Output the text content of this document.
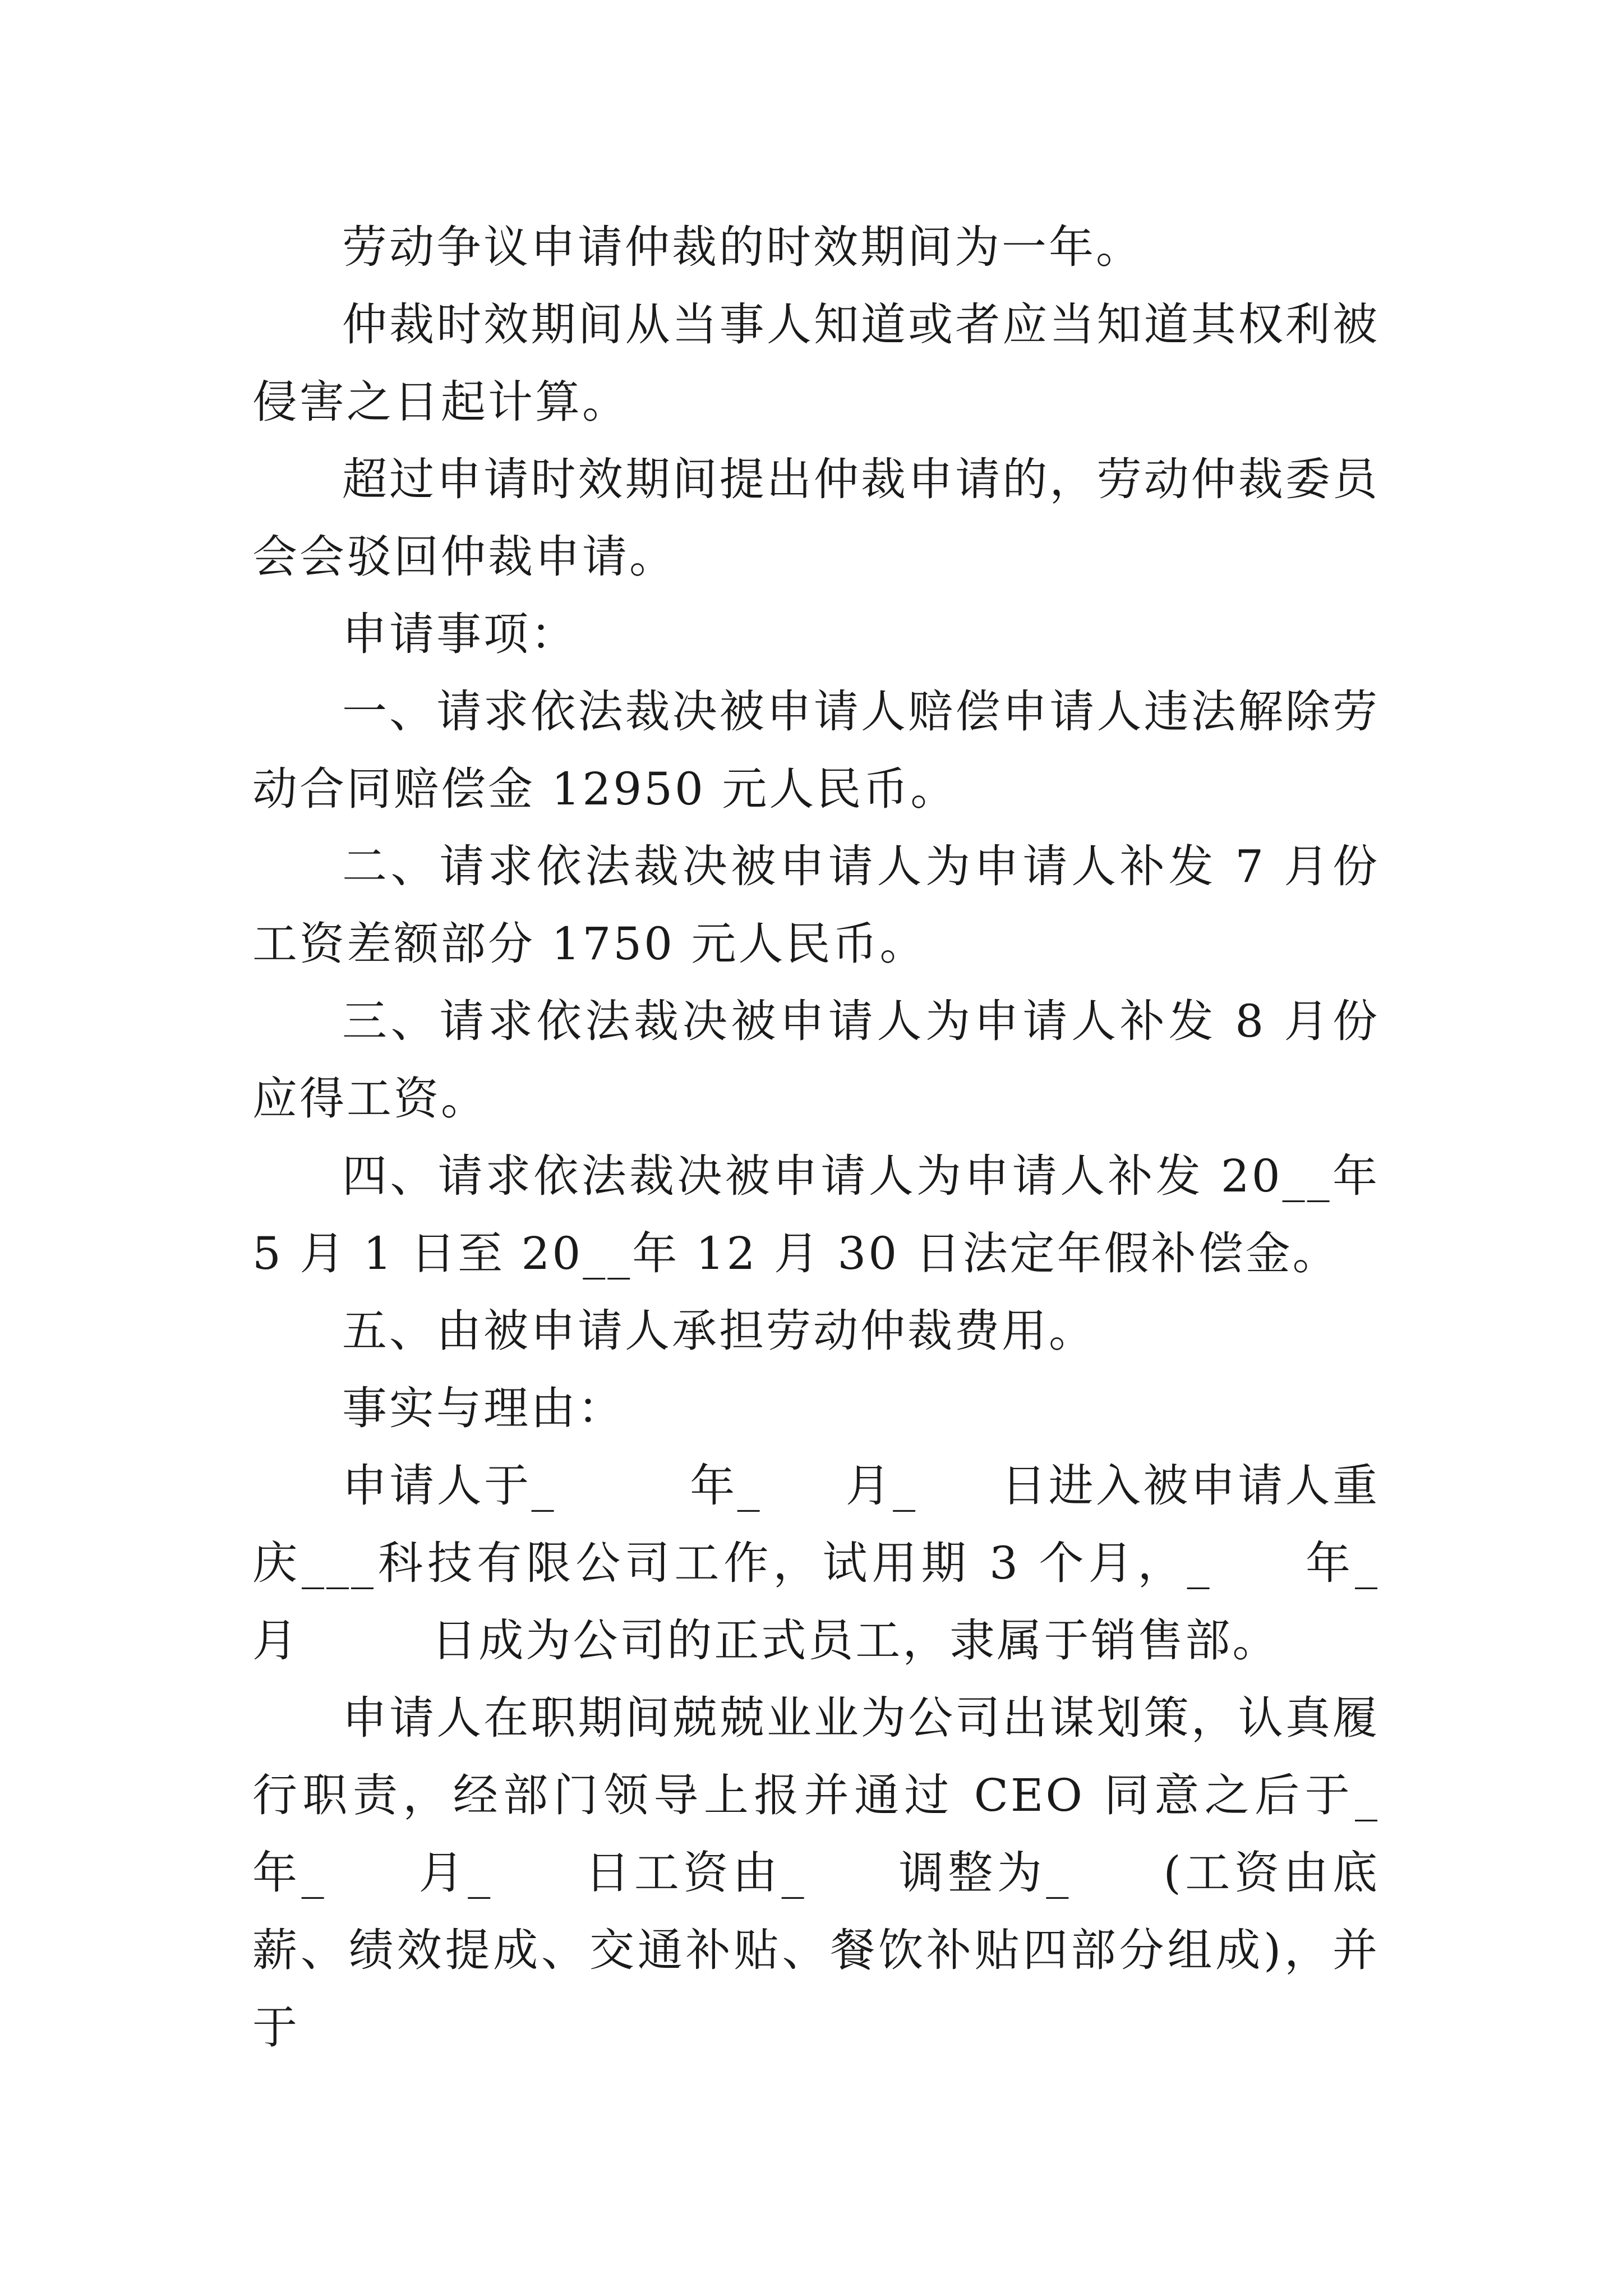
劳动争议申请仲裁的时效期间为一年。

仲裁时效期间从当事人知道或者应当知道其权利被侵害之日起计算。

超过申请时效期间提出仲裁申请的，劳动仲裁委员会会驳回仲裁申请。

申请事项：

一、请求依法裁决被申请人赔偿申请人违法解除劳动合同赔偿金 12950 元人民币。

二、请求依法裁决被申请人为申请人补发 7 月份工资差额部分 1750 元人民币。

三、请求依法裁决被申请人为申请人补发 8 月份应得工资。

四、请求依法裁决被申请人为申请人补发 20__年 5 月 1 日至 20__年 12 月 30 日法定年假补偿金。

五、由被申请人承担劳动仲裁费用。

事实与理由：

申请人于_        年_     月_     日进入被申请人重庆___科技有限公司工作，试用期 3 个月，_     年_     月        日成为公司的正式员工，隶属于销售部。

申请人在职期间兢兢业业为公司出谋划策，认真履行职责，经部门领导上报并通过 CEO 同意之后于_     年_     月_     日工资由_     调整为_     (工资由底薪、绩效提成、交通补贴、餐饮补贴四部分组成)，并于
